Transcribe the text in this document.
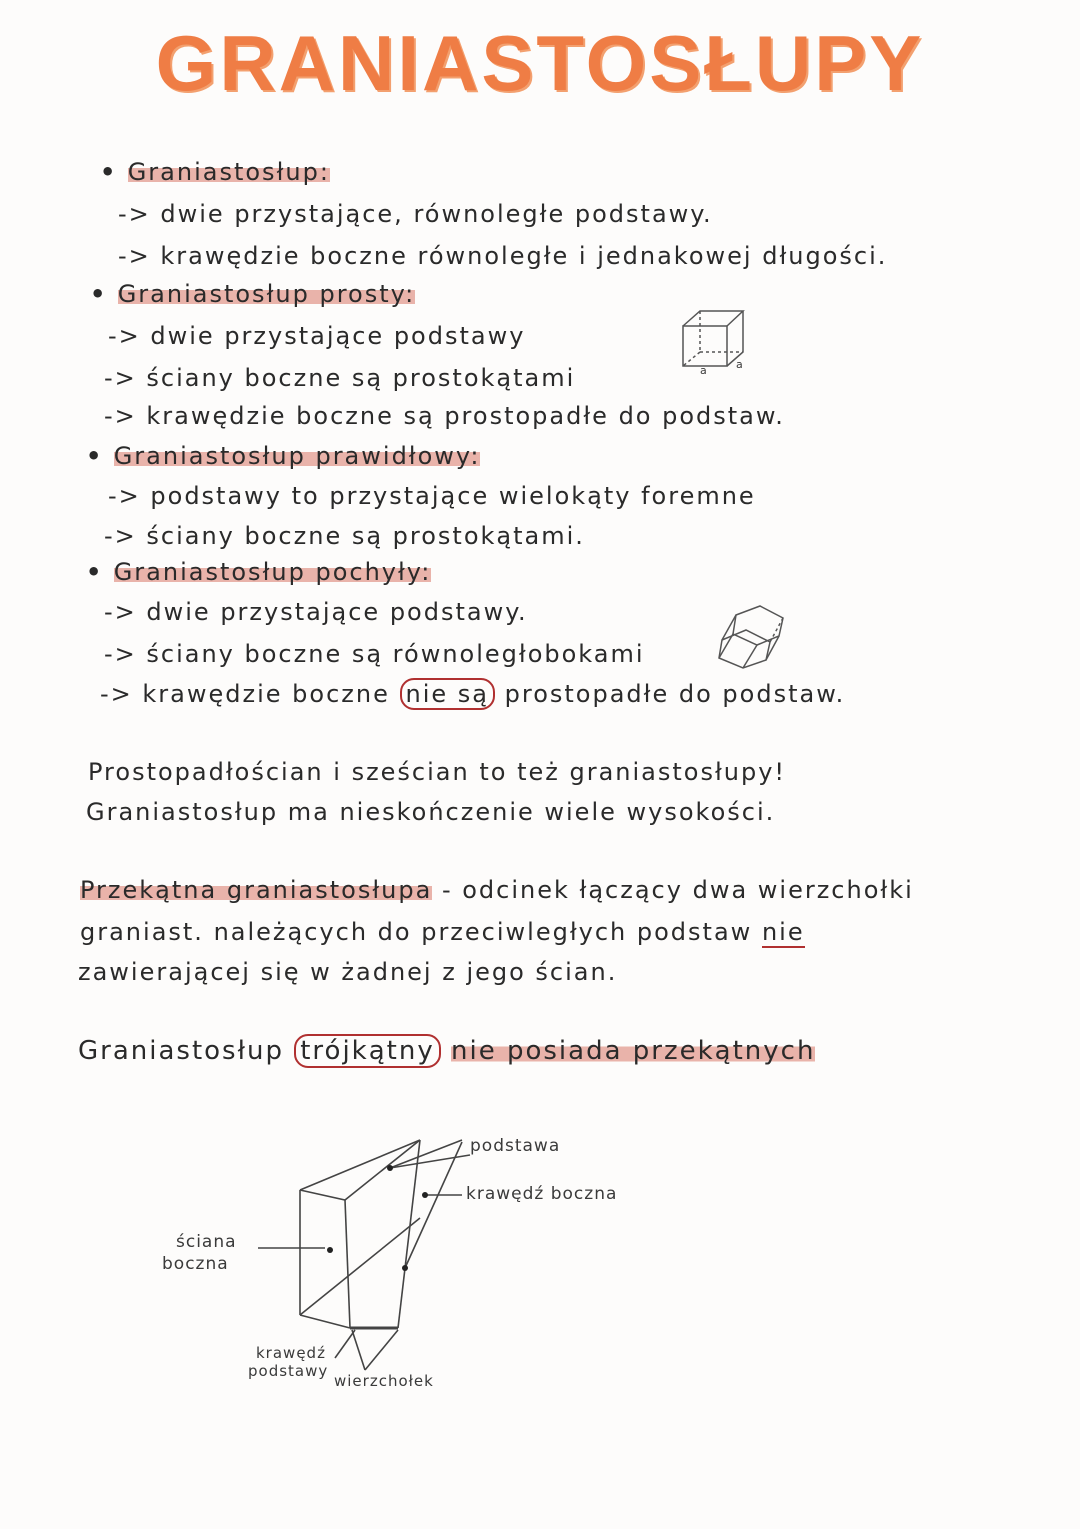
GRANIASTOSŁUPY
• Graniastosłup:
-> dwie przystające, równoległe podstawy.
-> krawędzie boczne równoległe i jednakowej długości.
• Graniastosłup prosty:
-> dwie przystające podstawy
-> ściany boczne są prostokątami
-> krawędzie boczne są prostopadłe do podstaw.
a	a
• Graniastosłup prawidłowy:
-> podstawy to przystające wielokąty foremne
-> ściany boczne są prostokątami.
• Graniastosłup pochyły:
-> dwie przystające podstawy.
-> ściany boczne są równoległobokami
-> krawędzie boczne nie są prostopadłe do podstaw.
Prostopadłościan i sześcian to też graniastosłupy!
Graniastosłup ma nieskończenie wiele wysokości.
Przekątna graniastosłupa - odcinek łączący dwa wierzchołki
graniast. należących do przeciwległych podstaw nie
zawierającej się w żadnej z jego ścian.
Graniastosłup trójkątny nie posiada przekątnych
podstawa
krawędź boczna
ściana
boczna
krawędź
podstawy
wierzchołek
